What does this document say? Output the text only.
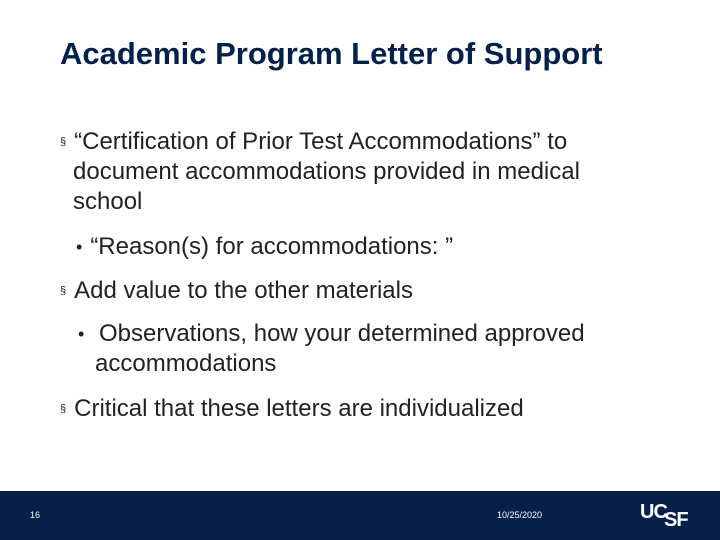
Academic Program Letter of Support
§ “Certification of Prior Test Accommodations” to
document accommodations provided in medical
school
• “Reason(s) for accommodations: ”
§ Add value to the other materials
• Observations, how your determined approved
accommodations
§ Critical that these letters are individualized
16	10/25/2020	UC
SF
